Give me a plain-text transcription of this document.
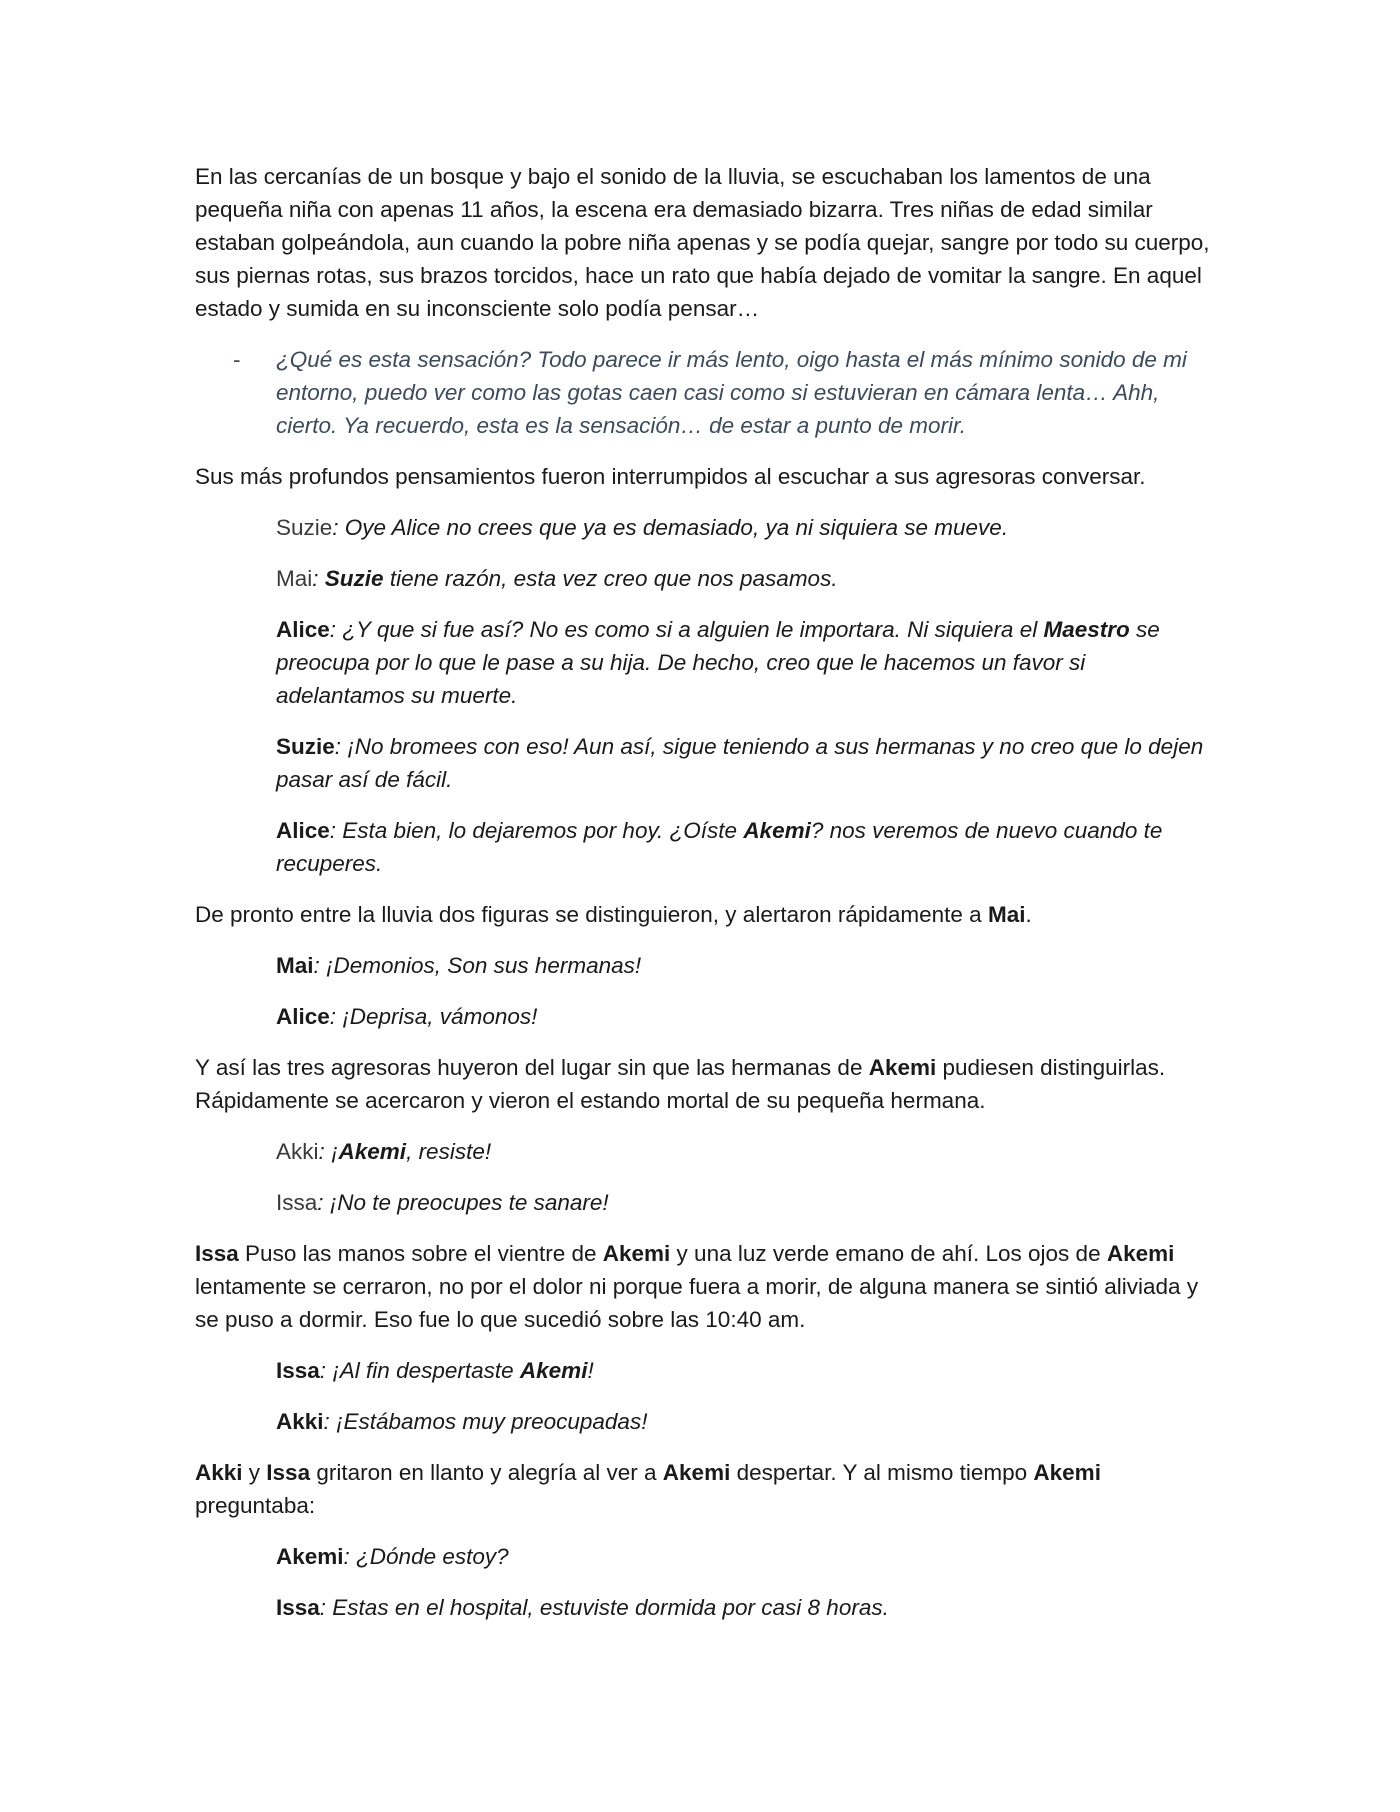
En las cercanías de un bosque y bajo el sonido de la lluvia, se escuchaban los lamentos de una pequeña niña con apenas 11 años, la escena era demasiado bizarra. Tres niñas de edad similar estaban golpeándola, aun cuando la pobre niña apenas y se podía quejar, sangre por todo su cuerpo, sus piernas rotas, sus brazos torcidos, hace un rato que había dejado de vomitar la sangre. En aquel estado y sumida en su inconsciente solo podía pensar…

- ¿Qué es esta sensación? Todo parece ir más lento, oigo hasta el más mínimo sonido de mi entorno, puedo ver como las gotas caen casi como si estuvieran en cámara lenta… Ahh, cierto. Ya recuerdo, esta es la sensación… de estar a punto de morir.

Sus más profundos pensamientos fueron interrumpidos al escuchar a sus agresoras conversar.

Suzie: Oye Alice no crees que ya es demasiado, ya ni siquiera se mueve.

Mai: Suzie tiene razón, esta vez creo que nos pasamos.

Alice: ¿Y que si fue así? No es como si a alguien le importara. Ni siquiera el Maestro se preocupa por lo que le pase a su hija. De hecho, creo que le hacemos un favor si adelantamos su muerte.

Suzie: ¡No bromees con eso! Aun así, sigue teniendo a sus hermanas y no creo que lo dejen pasar así de fácil.

Alice: Esta bien, lo dejaremos por hoy. ¿Oíste Akemi? nos veremos de nuevo cuando te recuperes.

De pronto entre la lluvia dos figuras se distinguieron, y alertaron rápidamente a Mai.

Mai: ¡Demonios, Son sus hermanas!

Alice: ¡Deprisa, vámonos!

Y así las tres agresoras huyeron del lugar sin que las hermanas de Akemi pudiesen distinguirlas. Rápidamente se acercaron y vieron el estando mortal de su pequeña hermana.

Akki: ¡Akemi, resiste!

Issa: ¡No te preocupes te sanare!

Issa Puso las manos sobre el vientre de Akemi y una luz verde emano de ahí. Los ojos de Akemi lentamente se cerraron, no por el dolor ni porque fuera a morir, de alguna manera se sintió aliviada y se puso a dormir. Eso fue lo que sucedió sobre las 10:40 am.

Issa: ¡Al fin despertaste Akemi!

Akki: ¡Estábamos muy preocupadas!

Akki y Issa gritaron en llanto y alegría al ver a Akemi despertar. Y al mismo tiempo Akemi preguntaba:

Akemi: ¿Dónde estoy?

Issa: Estas en el hospital, estuviste dormida por casi 8 horas.
